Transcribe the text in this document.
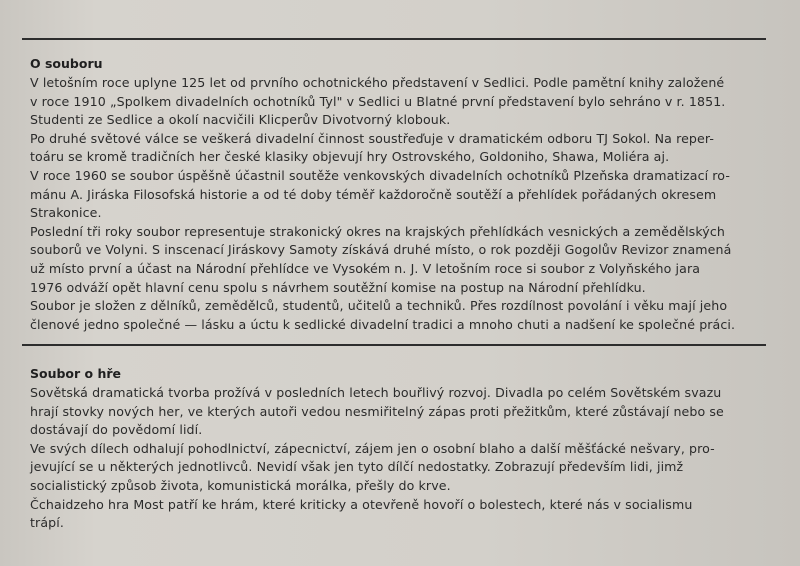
O souboru
V letošním roce uplyne 125 let od prvního ochotnického představení v Sedlici. Podle pamětní knihy založené
v roce 1910 „Spolkem divadelních ochotníků Tyl" v Sedlici u Blatné první představení bylo sehráno v r. 1851.
Studenti ze Sedlice a okolí nacvičili Klicperův Divotvorný klobouk.
Po druhé světové válce se veškerá divadelní činnost soustřeďuje v dramatickém odboru TJ Sokol. Na reper-
toáru se kromě tradičních her české klasiky objevují hry Ostrovského, Goldoniho, Shawa, Moliéra aj.
V roce 1960 se soubor úspěšně účastnil soutěže venkovských divadelních ochotníků Plzeňska dramatizací ro-
mánu A. Jiráska Filosofská historie a od té doby téměř každoročně soutěží a přehlídek pořádaných okresem
Strakonice.
Poslední tři roky soubor representuje strakonický okres na krajských přehlídkách vesnických a zemědělských
souborů ve Volyni. S inscenací Jiráskovy Samoty získává druhé místo, o rok později Gogolův Revizor znamená
už místo první a účast na Národní přehlídce ve Vysokém n. J. V letošním roce si soubor z Volyňského jara
1976 odváží opět hlavní cenu spolu s návrhem soutěžní komise na postup na Národní přehlídku.
Soubor je složen z dělníků, zemědělců, studentů, učitelů a techniků. Přes rozdílnost povolání i věku mají jeho
členové jedno společné — lásku a úctu k sedlické divadelní tradici a mnoho chuti a nadšení ke společné práci.
Soubor o hře
Sovětská dramatická tvorba prožívá v posledních letech bouřlivý rozvoj. Divadla po celém Sovětském svazu
hrají stovky nových her, ve kterých autoři vedou nesmiřitelný zápas proti přežitkům, které zůstávají nebo se
dostávají do povědomí lidí.
Ve svých dílech odhalují pohodlnictví, zápecnictví, zájem jen o osobní blaho a další měšťácké nešvary, pro-
jevující se u některých jednotlivců. Nevidí však jen tyto dílčí nedostatky. Zobrazují především lidi, jimž
socialistický způsob života, komunistická morálka, přešly do krve.
Čchaidzeho hra Most patří ke hrám, které kriticky a otevřeně hovoří o bolestech, které nás v socialismu
trápí.
